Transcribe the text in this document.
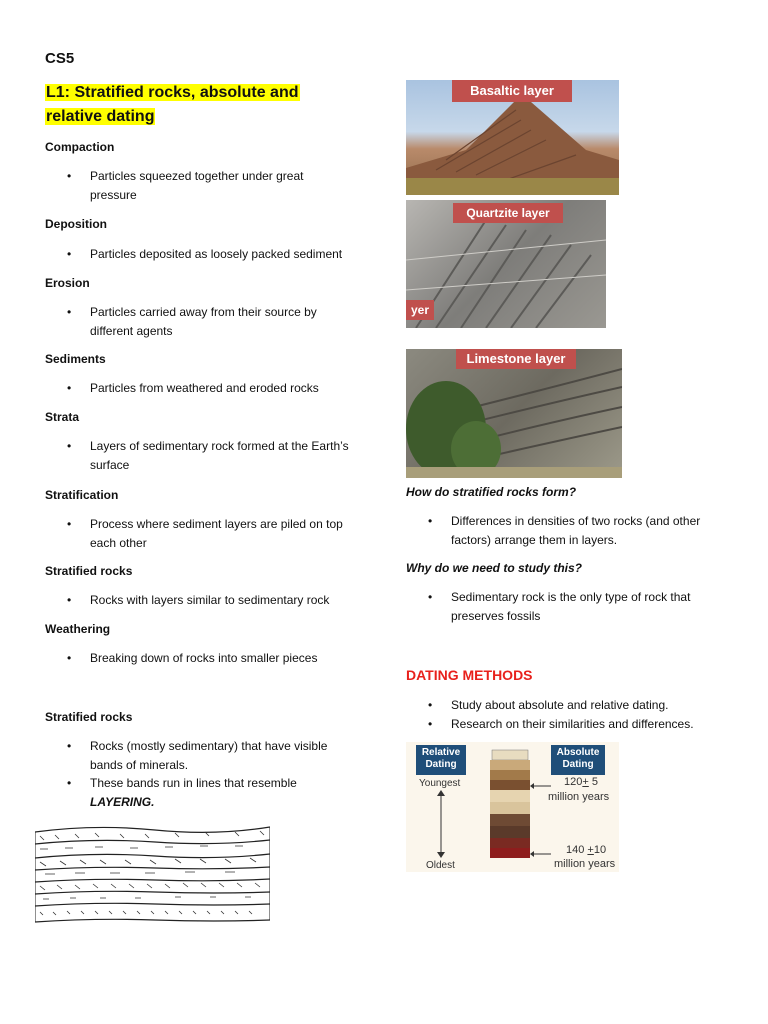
CS5
L1: Stratified rocks, absolute and relative dating
Compaction
• Particles squeezed together under great pressure
Deposition
• Particles deposited as loosely packed sediment
Erosion
• Particles carried away from their source by different agents
Sediments
• Particles from weathered and eroded rocks
Strata
• Layers of sedimentary rock formed at the Earth’s surface
Stratification
• Process where sediment layers are piled on top each other
Stratified rocks
• Rocks with layers similar to sedimentary rock
Weathering
• Breaking down of rocks into smaller pieces
Stratified rocks
• Rocks (mostly sedimentary) that have visible bands of minerals.
• These bands run in lines that resemble
LAYERING.
Basaltic layer
Quartzite layer
yer
Limestone layer
How do stratified rocks form?
• Differences in densities of two rocks (and other factors) arrange them in layers.
Why do we need to study this?
• Sedimentary rock is the only type of rock that preserves fossils
DATING METHODS
• Study about absolute and relative dating.
• Research on their similarities and differences.
Relative Dating
Absolute Dating
Youngest
Oldest
120+ 5
million years
140 +10
million years
